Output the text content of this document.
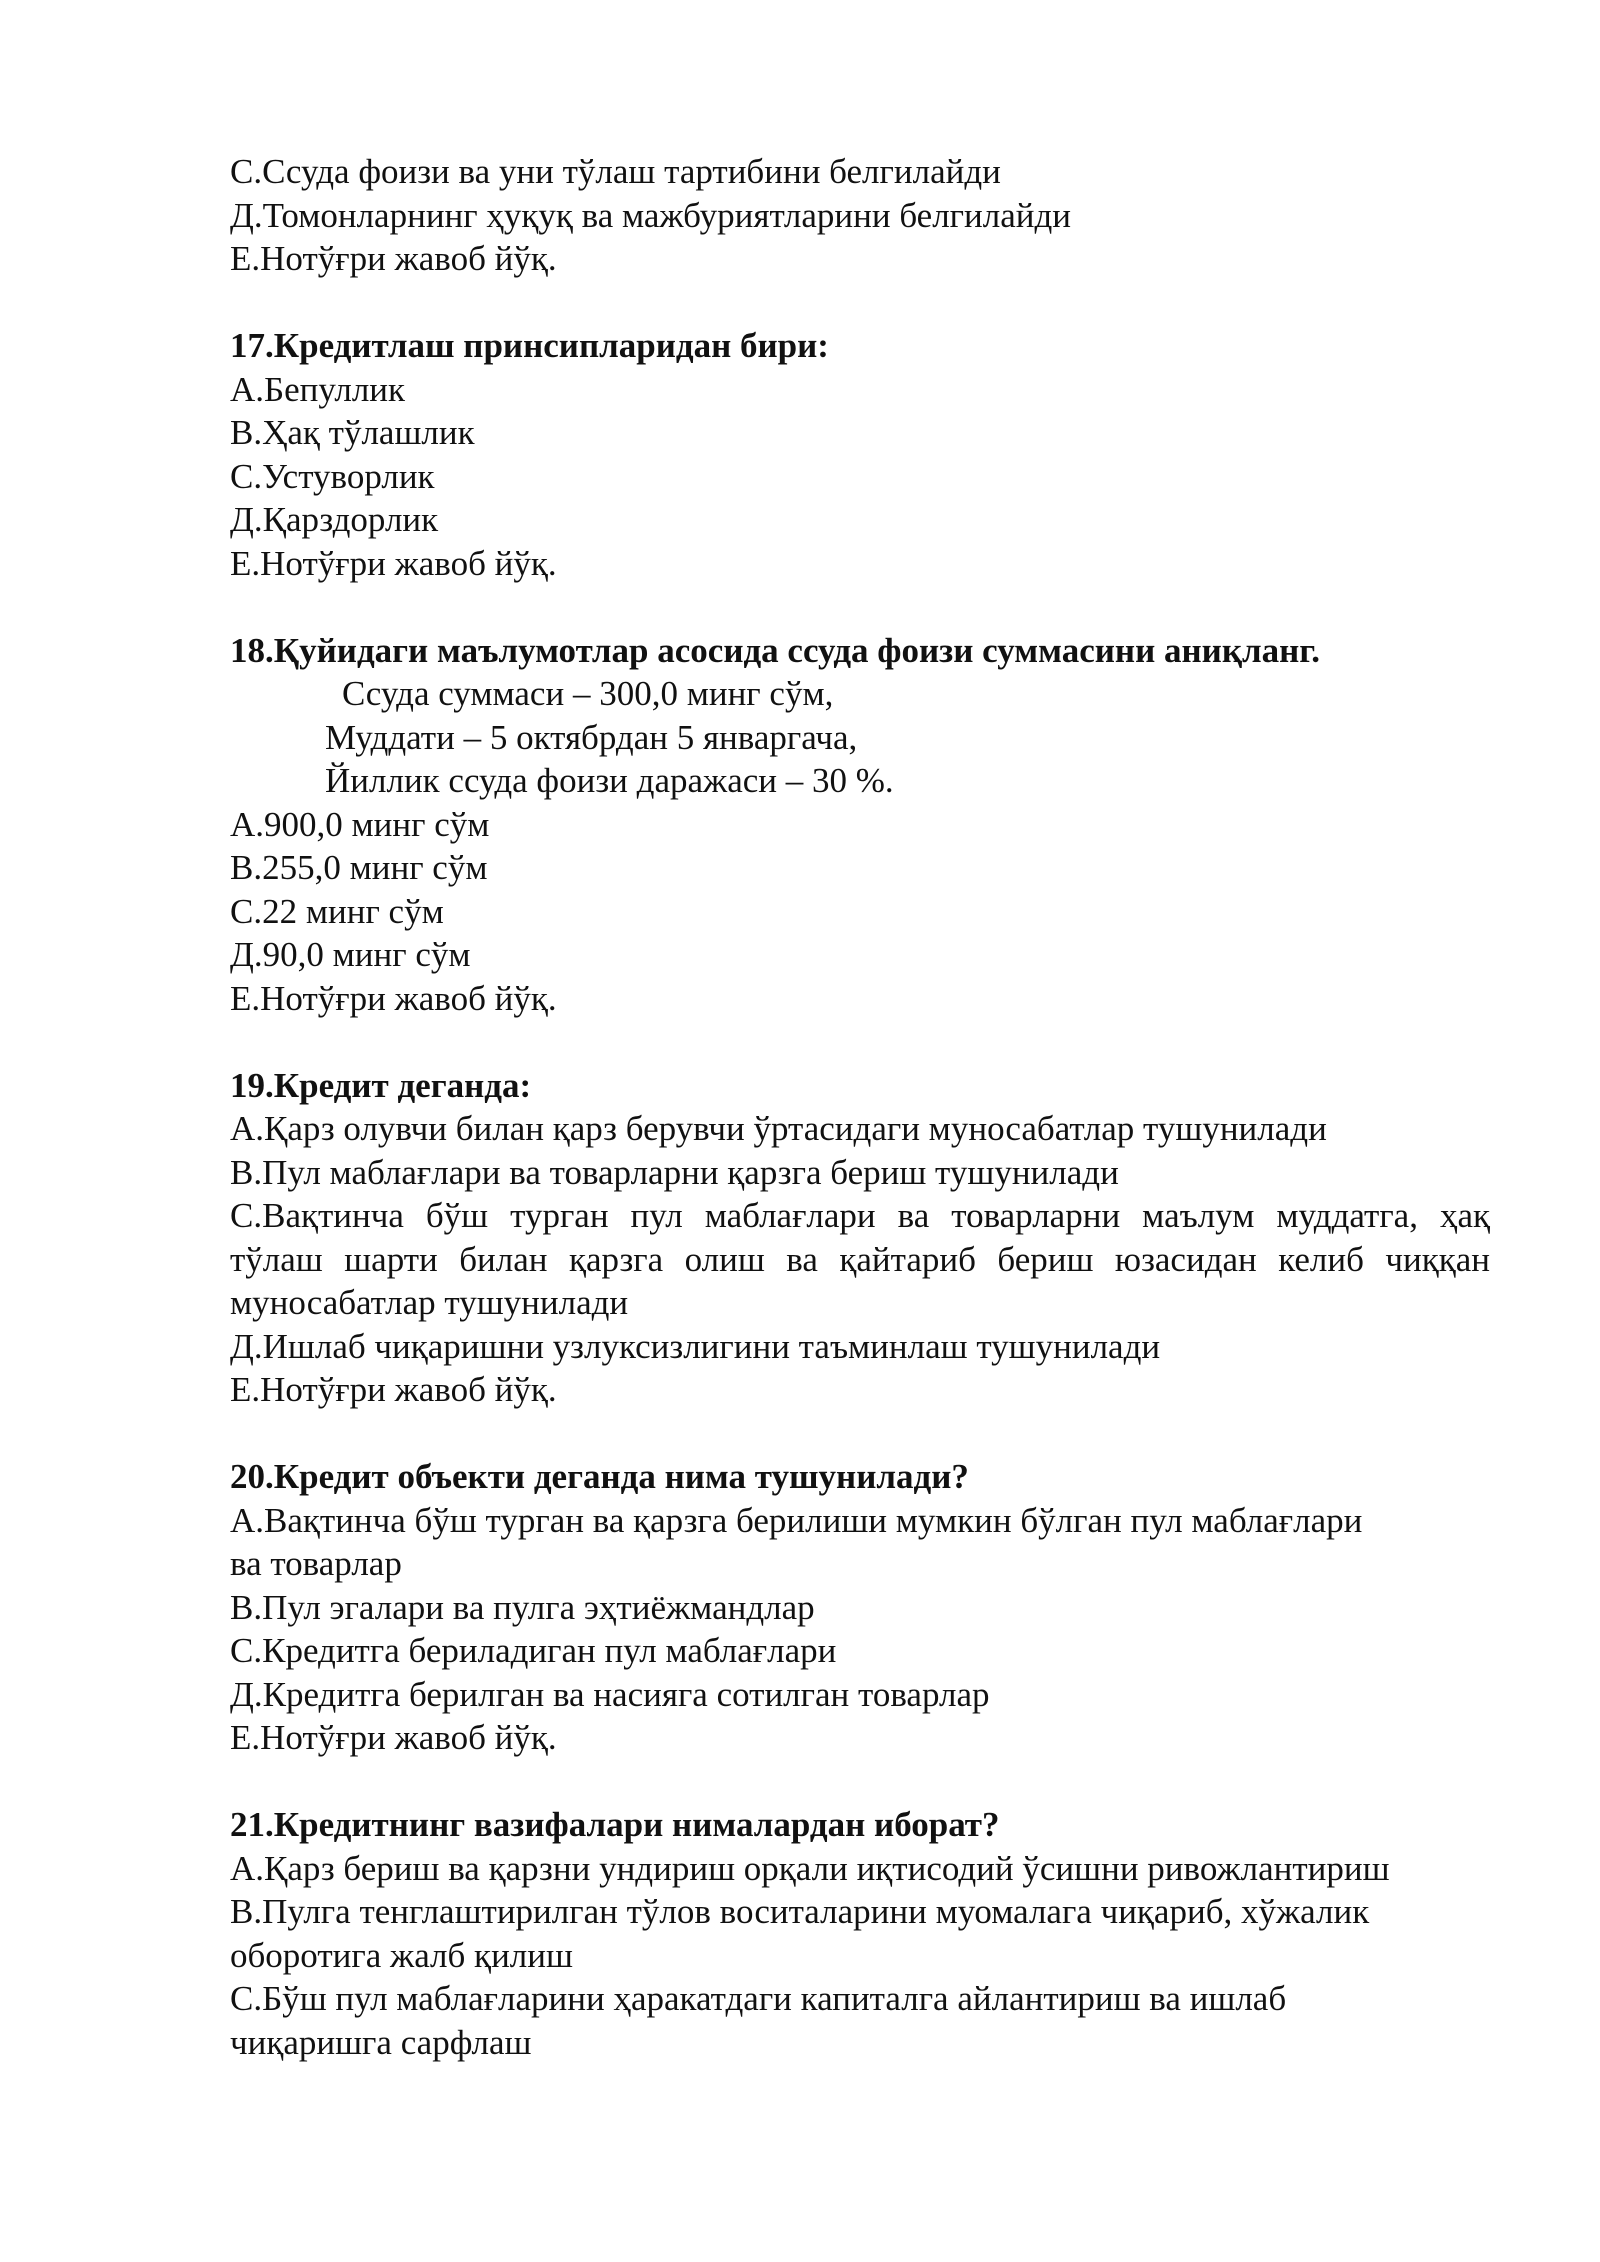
С.Ссуда фоизи ва уни тўлаш тартибини белгилайди
Д.Томонларнинг ҳуқуқ ва мажбуриятларини белгилайди
Е.Нотўғри жавоб йўқ.
17.Кредитлаш принсипларидан бири:
А.Бепуллик
В.Ҳақ тўлашлик
С.Устуворлик
Д.Қарздорлик
Е.Нотўғри жавоб йўқ.
18.Қуйидаги маълумотлар асосида ссуда фоизи суммасини аниқланг.
Ссуда суммаси – 300,0 минг сўм,
Муддати – 5 октябрдан 5 январгача,
Йиллик ссуда фоизи даражаси – 30 %.
А.900,0 минг сўм
В.255,0 минг сўм
С.22 минг сўм
Д.90,0 минг сўм
Е.Нотўғри жавоб йўқ.
19.Кредит деганда:
А.Қарз олувчи билан қарз берувчи ўртасидаги муносабатлар тушунилади
В.Пул маблағлари ва товарларни қарзга бериш тушунилади
С.Вақтинча бўш турган пул маблағлари ва товарларни маълум муддатга, ҳақ
тўлаш шарти билан қарзга олиш ва қайтариб бериш юзасидан келиб чиққан
муносабатлар тушунилади
Д.Ишлаб чиқаришни узлуксизлигини таъминлаш тушунилади
Е.Нотўғри жавоб йўқ.
20.Кредит объекти деганда нима тушунилади?
А.Вақтинча бўш турган ва қарзга берилиши мумкин бўлган пул маблағлари
ва товарлар
В.Пул эгалари ва пулга эҳтиёжмандлар
С.Кредитга бериладиган пул маблағлари
Д.Кредитга берилган ва насияга сотилган товарлар
Е.Нотўғри жавоб йўқ.
21.Кредитнинг вазифалари нималардан иборат?
А.Қарз бериш ва қарзни ундириш орқали иқтисодий ўсишни ривожлантириш
В.Пулга тенглаштирилган тўлов воситаларини муомалага чиқариб, хўжалик
оборотига жалб қилиш
С.Бўш пул маблағларини ҳаракатдаги капиталга айлантириш ва ишлаб
чиқаришга сарфлаш
